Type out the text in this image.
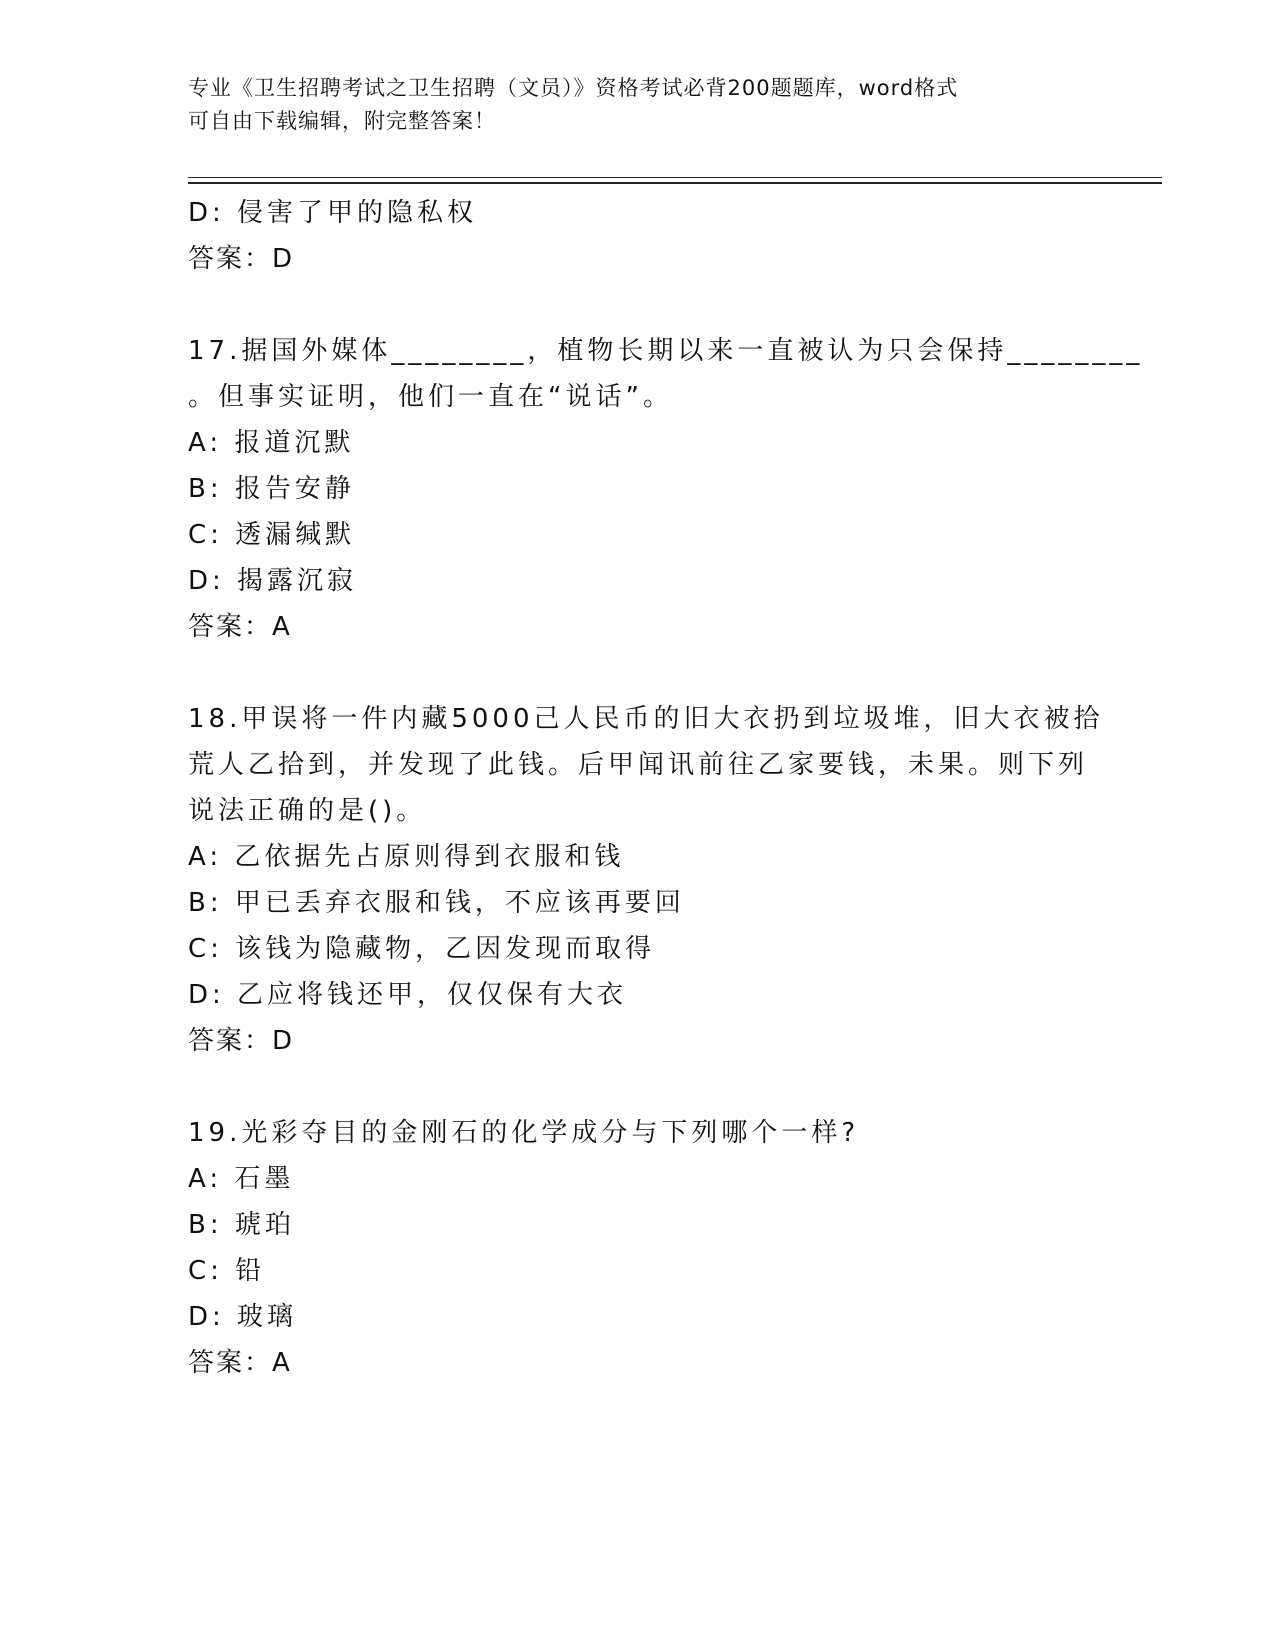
专业《卫生招聘考试之卫生招聘（文员）》资格考试必背200题题库，word格式
可自由下载编辑，附完整答案！
D: 侵害了甲的隐私权
答案：D
17.据国外媒体________，植物长期以来一直被认为只会保持________
。但事实证明，他们一直在“说话”。
A: 报道沉默
B: 报告安静
C: 透漏缄默
D: 揭露沉寂
答案：A
18.甲误将一件内藏5000己人民币的旧大衣扔到垃圾堆，旧大衣被拾
荒人乙拾到，并发现了此钱。后甲闻讯前往乙家要钱，未果。则下列
说法正确的是()。
A: 乙依据先占原则得到衣服和钱
B: 甲已丢弃衣服和钱，不应该再要回
C: 该钱为隐藏物，乙因发现而取得
D: 乙应将钱还甲，仅仅保有大衣
答案：D
19.光彩夺目的金刚石的化学成分与下列哪个一样?
A: 石墨
B: 琥珀
C: 铅
D: 玻璃
答案：A
